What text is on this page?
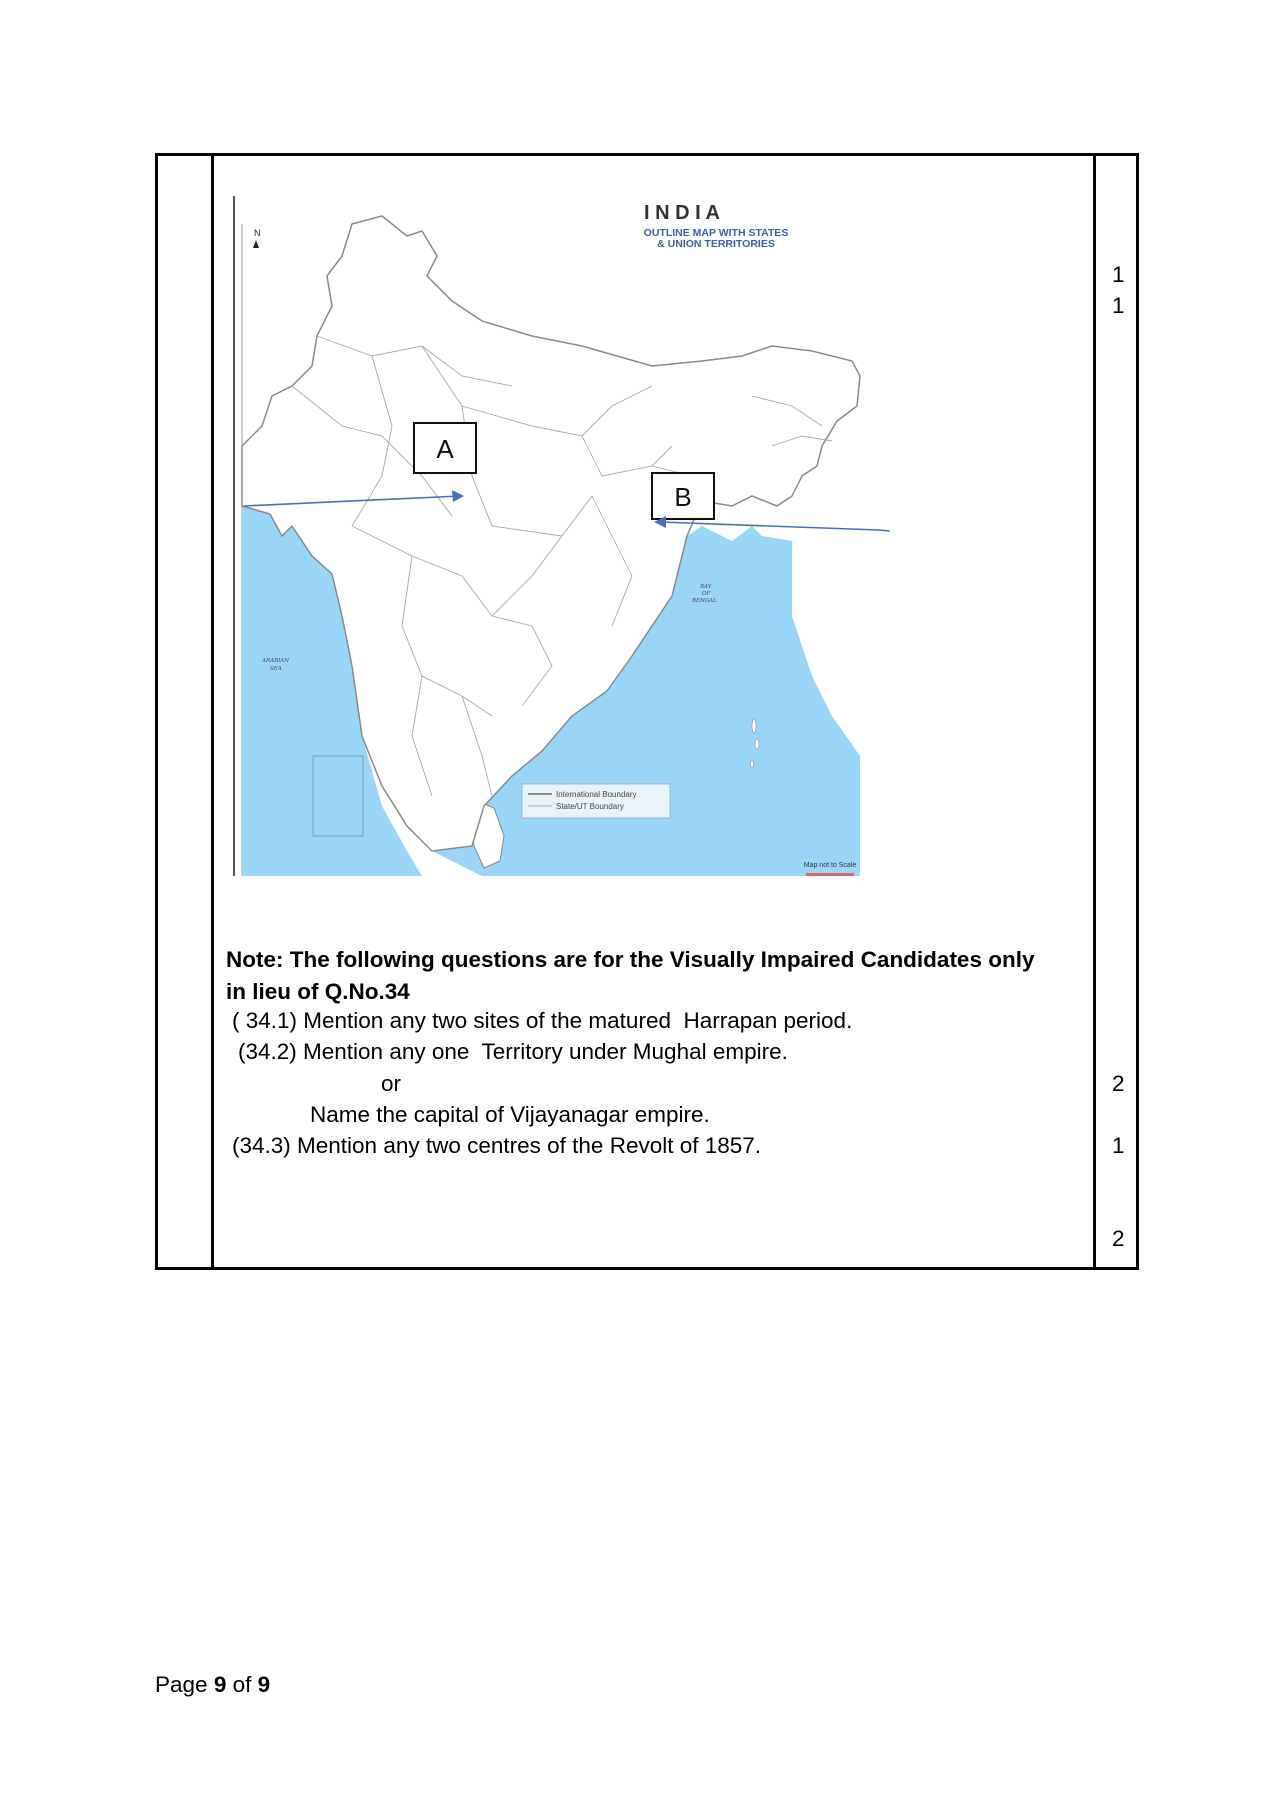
I N D I A
OUTLINE MAP WITH STATES
& UNION TERRITORIES
N
BAY
OF
BENGAL
ARABIAN
SEA
International Boundary
State/UT Boundary
Map not to Scale
A
B
1
1
Note: The following questions are for the Visually Impaired Candidates only
in lieu of Q.No.34
( 34.1) Mention any two sites of the matured  Harrapan period.
(34.2) Mention any one  Territory under Mughal empire.
or
Name the capital of Vijayanagar empire.
(34.3) Mention any two centres of the Revolt of 1857.
2
1
2
Page 9 of 9
